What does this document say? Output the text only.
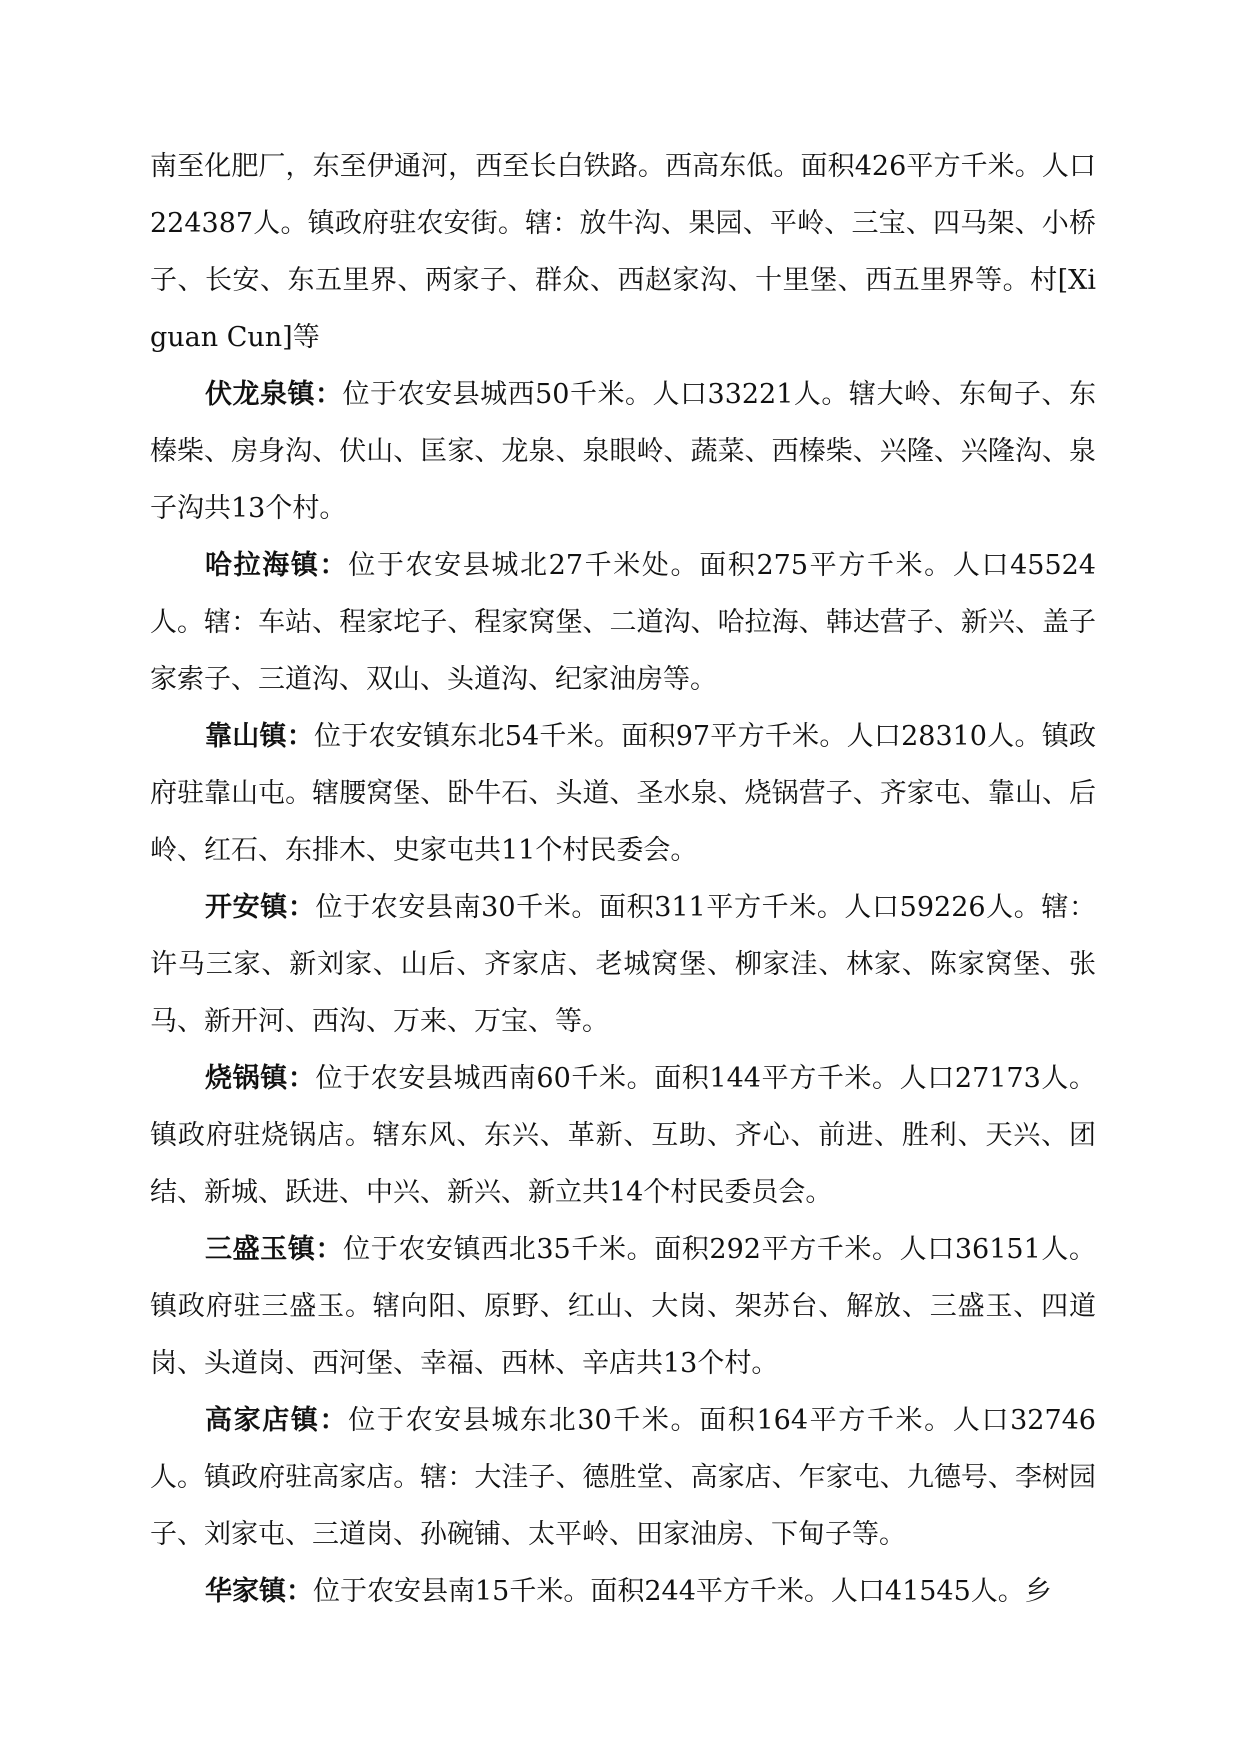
南至化肥厂，东至伊通河，西至长白铁路。西高东低。面积426平方千米。人口224387人。镇政府驻农安街。辖：放牛沟、果园、平岭、三宝、四马架、小桥子、长安、东五里界、两家子、群众、西赵家沟、十里堡、西五里界等。村[Xiguan Cun]等

伏龙泉镇：位于农安县城西50千米。人口33221人。辖大岭、东甸子、东榛柴、房身沟、伏山、匡家、龙泉、泉眼岭、蔬菜、西榛柴、兴隆、兴隆沟、泉子沟共13个村。

哈拉海镇：位于农安县城北27千米处。面积275平方千米。人口45524人。辖：车站、程家坨子、程家窝堡、二道沟、哈拉海、韩达营子、新兴、盖子家索子、三道沟、双山、头道沟、纪家油房等。

靠山镇：位于农安镇东北54千米。面积97平方千米。人口28310人。镇政府驻靠山屯。辖腰窝堡、卧牛石、头道、圣水泉、烧锅营子、齐家屯、靠山、后岭、红石、东排木、史家屯共11个村民委会。

开安镇：位于农安县南30千米。面积311平方千米。人口59226人。辖：许马三家、新刘家、山后、齐家店、老城窝堡、柳家洼、林家、陈家窝堡、张马、新开河、西沟、万来、万宝、等。

烧锅镇：位于农安县城西南60千米。面积144平方千米。人口27173人。镇政府驻烧锅店。辖东风、东兴、革新、互助、齐心、前进、胜利、天兴、团结、新城、跃进、中兴、新兴、新立共14个村民委员会。

三盛玉镇：位于农安镇西北35千米。面积292平方千米。人口36151人。镇政府驻三盛玉。辖向阳、原野、红山、大岗、架苏台、解放、三盛玉、四道岗、头道岗、西河堡、幸福、西林、辛店共13个村。

高家店镇：位于农安县城东北30千米。面积164平方千米。人口32746人。镇政府驻高家店。辖：大洼子、德胜堂、高家店、乍家屯、九德号、李树园子、刘家屯、三道岗、孙碗铺、太平岭、田家油房、下甸子等。

华家镇：位于农安县南15千米。面积244平方千米。人口41545人。乡
